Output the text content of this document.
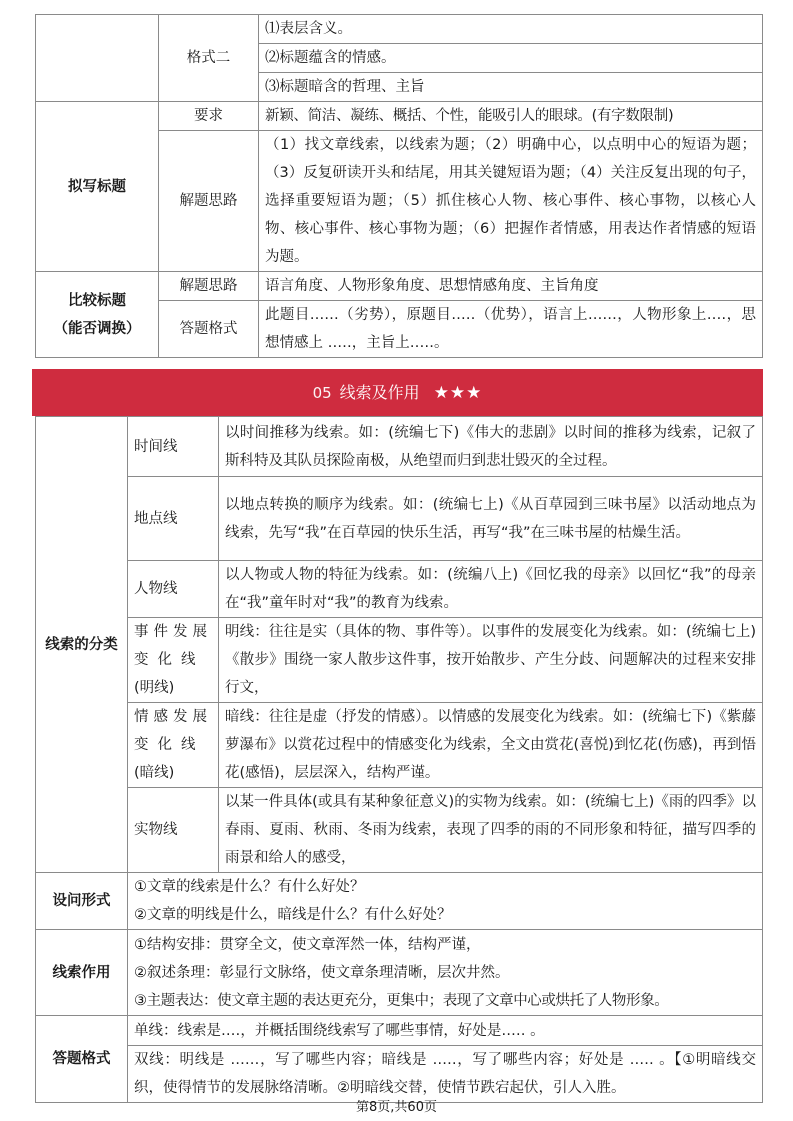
	格式二	⑴表层含义。
		⑵标题蕴含的情感。
		⑶标题暗含的哲理、主旨
拟写标题	要求	新颖、简洁、凝练、概括、个性，能吸引人的眼球。(有字数限制)
	解题思路	（1）找文章线索，以线索为题；（2）明确中心，以点明中心的短语为题；（3）反复研读开头和结尾，用其关键短语为题；（4）关注反复出现的句子，选择重要短语为题；（5）抓住核心人物、核心事件、核心事物，以核心人物、核心事件、核心事物为题；（6）把握作者情感，用表达作者情感的短语为题。

比较标题
（能否调换）	解题思路	语言角度、人物形象角度、思想情感角度、主旨角度
	答题格式	此题目……（劣势），原题目…‥（优势），语言上……，人物形象上‥‥，思想情感上 ‥…，主旨上‥…。
05 线索及作用 ★★★
线索的分类	时间线	以时间推移为线索。如：(统编七下)《伟大的悲剧》以时间的推移为线索，记叙了斯科特及其队员探险南极，从绝望而归到悲壮毁灭的全过程。
	地点线	以地点转换的顺序为线索。如：(统编七上)《从百草园到三味书屋》以活动地点为线索，先写“我”在百草园的快乐生活，再写“我”在三味书屋的枯燥生活。
	人物线	以人物或人物的特征为线索。如：(统编八上)《回忆我的母亲》以回忆“我”的母亲在“我”童年时对“我”的教育为线索。

	事件发展
变化线
(明线)	明线：往往是实（具体的物、事件等）。以事件的发展变化为线索。如：(统编七上)《散步》围绕一家人散步这件事，按开始散步、产生分歧、问题解决的过程来安排行文，

	情感发展
变化线
(暗线)	暗线：往往是虚（抒发的情感）。以情感的发展变化为线索。如：(统编七下)《紫藤萝瀑布》以赏花过程中的情感变化为线索，全文由赏花(喜悦)到忆花(伤感)，再到悟花(感悟)，层层深入，结构严谨。
	实物线	以某一件具体(或具有某种象征意义)的实物为线索。如：(统编七上)《雨的四季》以春雨、夏雨、秋雨、冬雨为线索，表现了四季的雨的不同形象和特征，描写四季的雨景和给人的感受，
设问形式	①文章的线索是什么？有什么好处？
②文章的明线是什么，暗线是什么？有什么好处？	

线索作用	①结构安排：贯穿全文，使文章浑然一体，结构严谨，
②叙述条理：彰显行文脉络，使文章条理清晰，层次井然。
③主题表达：使文章主题的表达更充分，更集中；表现了文章中心或烘托了人物形象。	

答题格式	单线：线索是‥‥，并概括围绕线索写了哪些事情，好处是…‥ 。	
	双线：明线是 ……，写了哪些内容；暗线是 …‥，写了哪些内容；好处是 …‥ 。【①明暗线交织，使得情节的发展脉络清晰。②明暗线交替，使情节跌宕起伏，引人入胜。	
第8页,共60页
